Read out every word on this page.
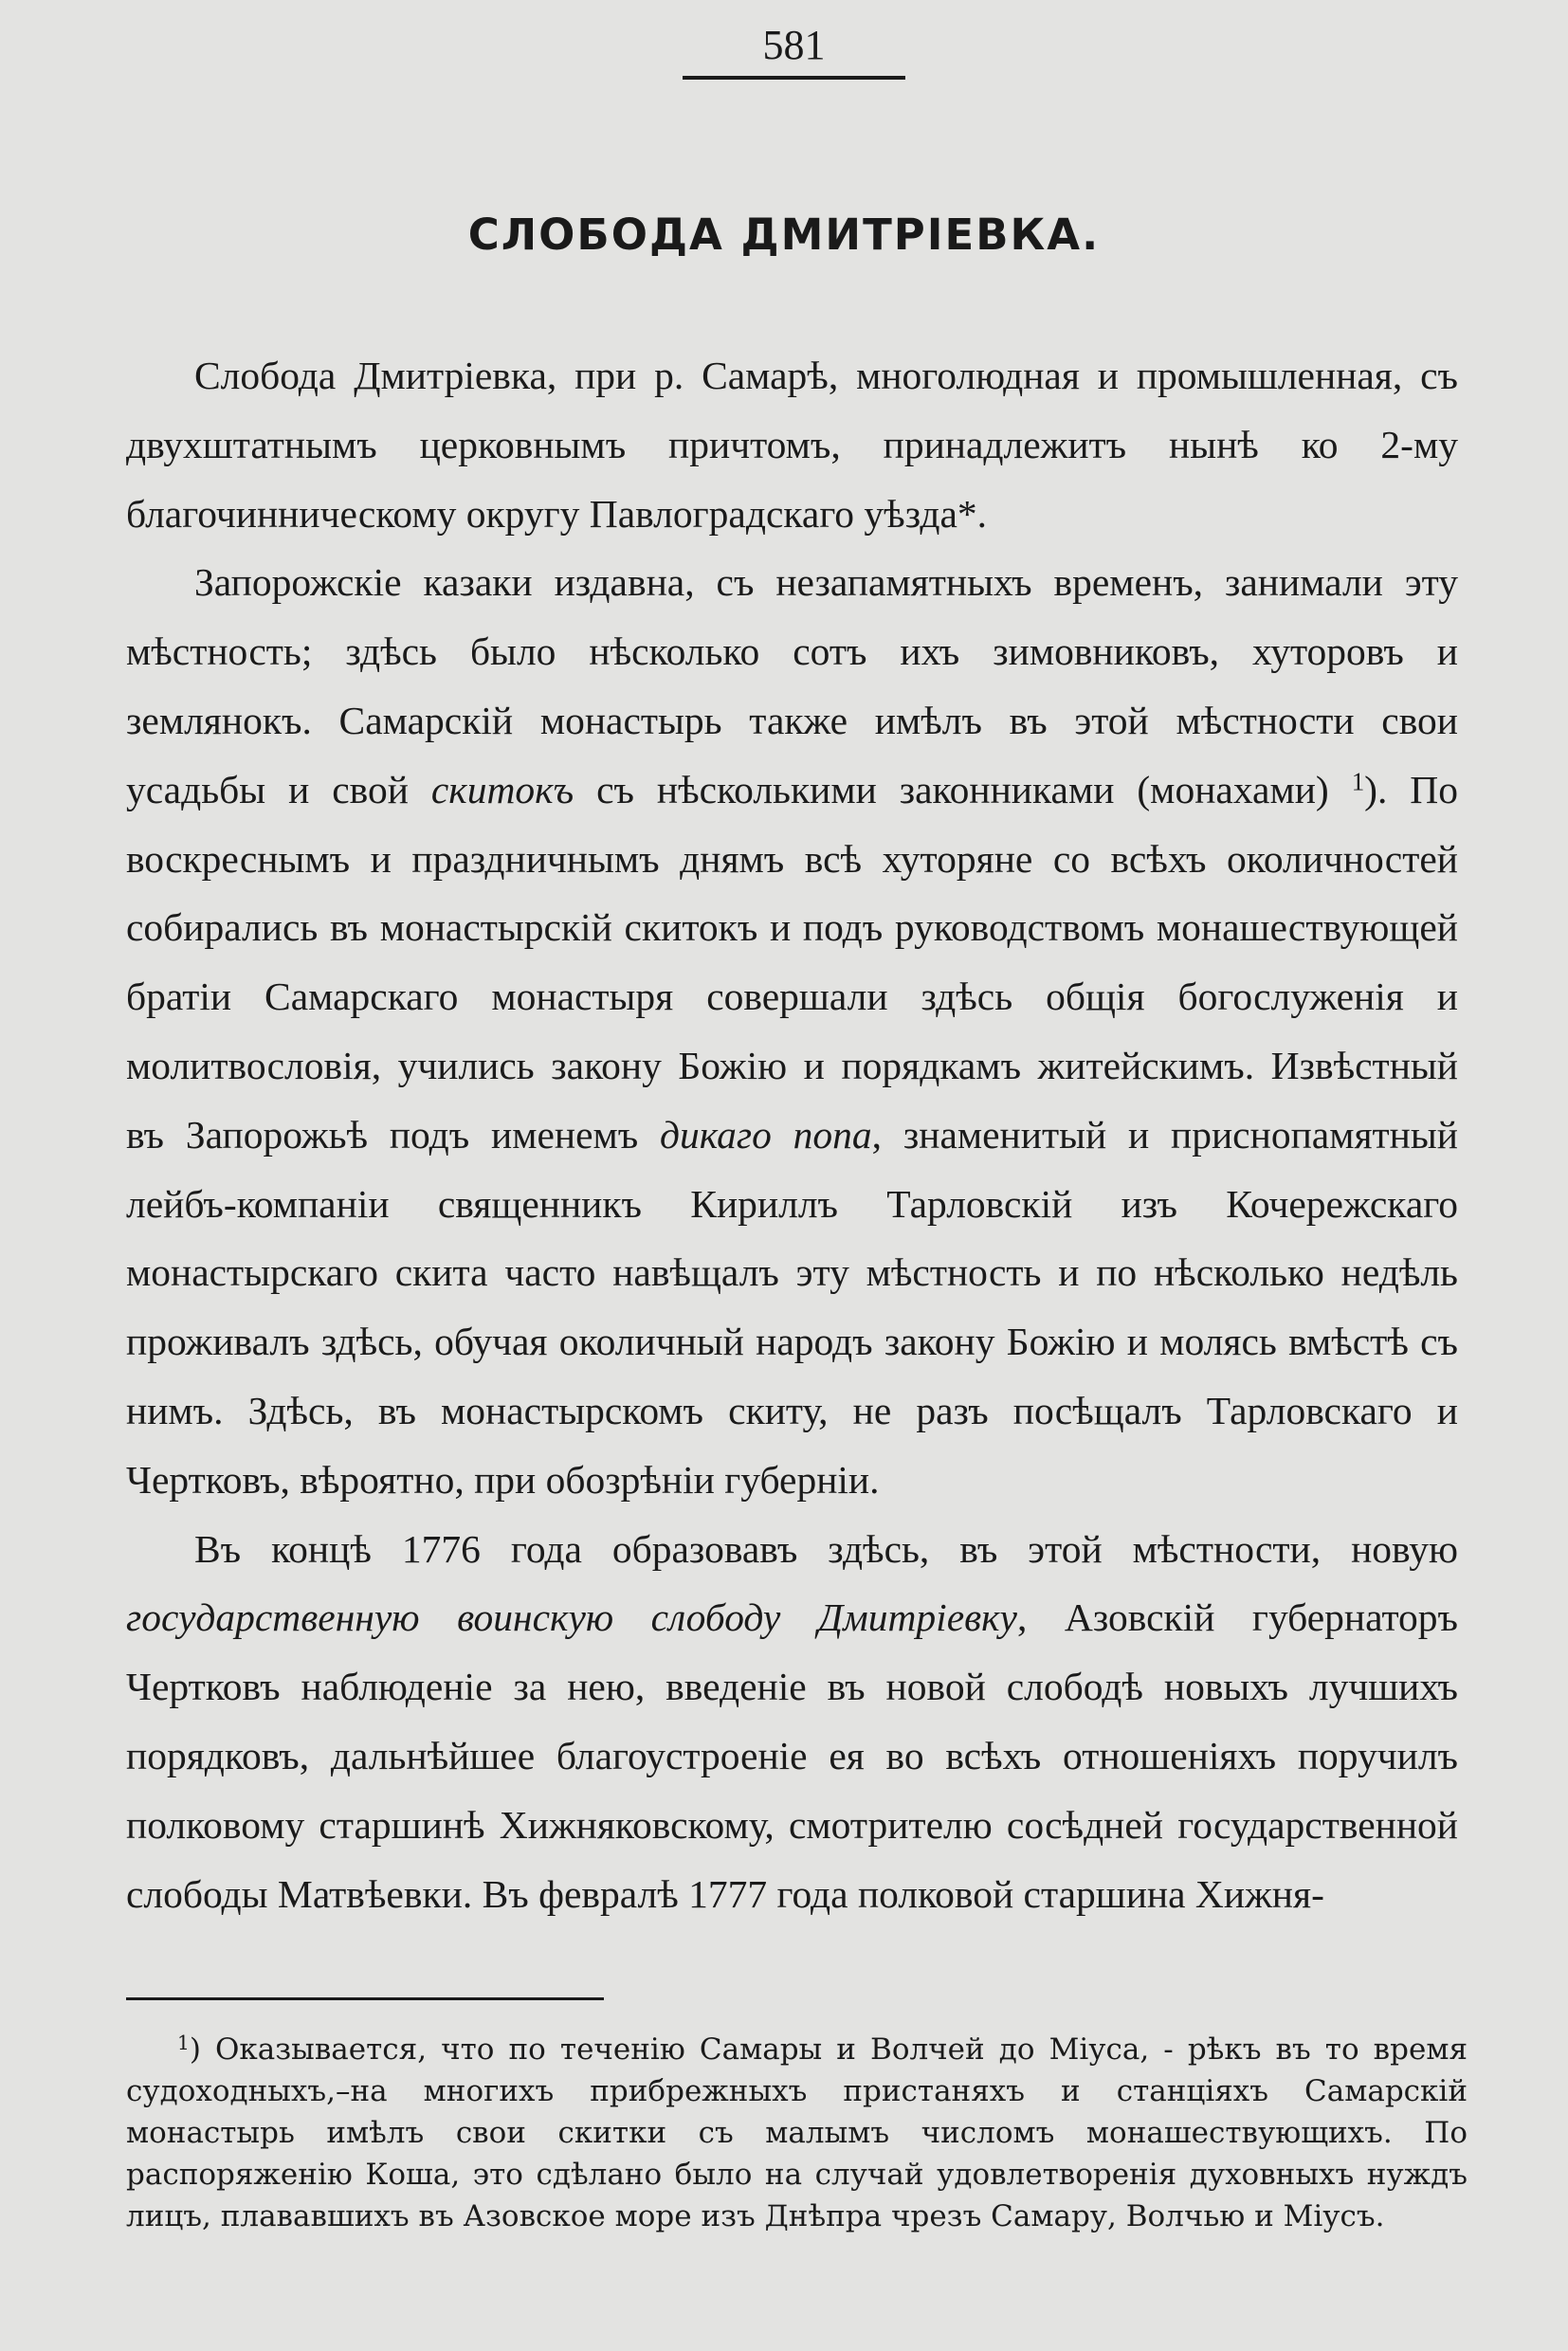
581
СЛОБОДА ДМИТРІЕВКА.

Слобода Дмитріевка, при р. Самарѣ, многолюдная и промышленная, съ двухштатнымъ церковнымъ причтомъ, принадлежитъ нынѣ ко 2-му благочинническому округу Павлоградскаго уѣзда*.

Запорожскіе казаки издавна, съ незапамятныхъ временъ, занимали эту мѣстность; здѣсь было нѣсколько сотъ ихъ зимовниковъ, хуторовъ и землянокъ. Самарскій монастырь также имѣлъ въ этой мѣстности свои усадьбы и свой скитокъ съ нѣсколькими законниками (монахами) $^1$). По воскреснымъ и праздничнымъ днямъ всѣ хуторяне со всѣхъ околичностей собирались въ монастырскій скитокъ и подъ руководствомъ монашествующей братіи Самарскаго монастыря совершали здѣсь общія богослуженія и молитвословія, учились закону Божію и порядкамъ житейскимъ. Извѣстный въ Запорожьѣ подъ именемъ дикаго попа, знаменитый и приснопамятный лейбъ-компаніи священникъ Кириллъ Тарловскій изъ Кочережскаго монастырскаго скита часто навѣщалъ эту мѣстность и по нѣсколько недѣль проживалъ здѣсь, обучая околичный народъ закону Божію и молясь вмѣстѣ съ нимъ. Здѣсь, въ монастырскомъ скиту, не разъ посѣщалъ Тарловскаго и Чертковъ, вѣроятно, при обозрѣніи губерніи.

Въ концѣ 1776 года образовавъ здѣсь, въ этой мѣстности, новую государственную воинскую слободу Дмитріевку, Азовскій губернаторъ Чертковъ наблюденіе за нею, введеніе въ новой слободѣ новыхъ лучшихъ порядковъ, дальнѣйшее благоустроеніе ея во всѣхъ отношеніяхъ поручилъ полковому старшинѣ Хижняковскому, смотрителю сосѣдней государственной слободы Матвѣевки. Въ февралѣ 1777 года полковой старшина Хижня-

$^1$) Оказывается, что по теченію Самары и Волчей до Міуса, - рѣкъ въ то время судоходныхъ,–на многихъ прибрежныхъ пристаняхъ и станціяхъ Самарскій монастырь имѣлъ свои скитки съ малымъ числомъ монашествующихъ. По распоряженію Коша, это сдѣлано было на случай удовлетворенія духовныхъ нуждъ лицъ, плававшихъ въ Азовское море изъ Днѣпра чрезъ Самару, Волчью и Міусъ.
